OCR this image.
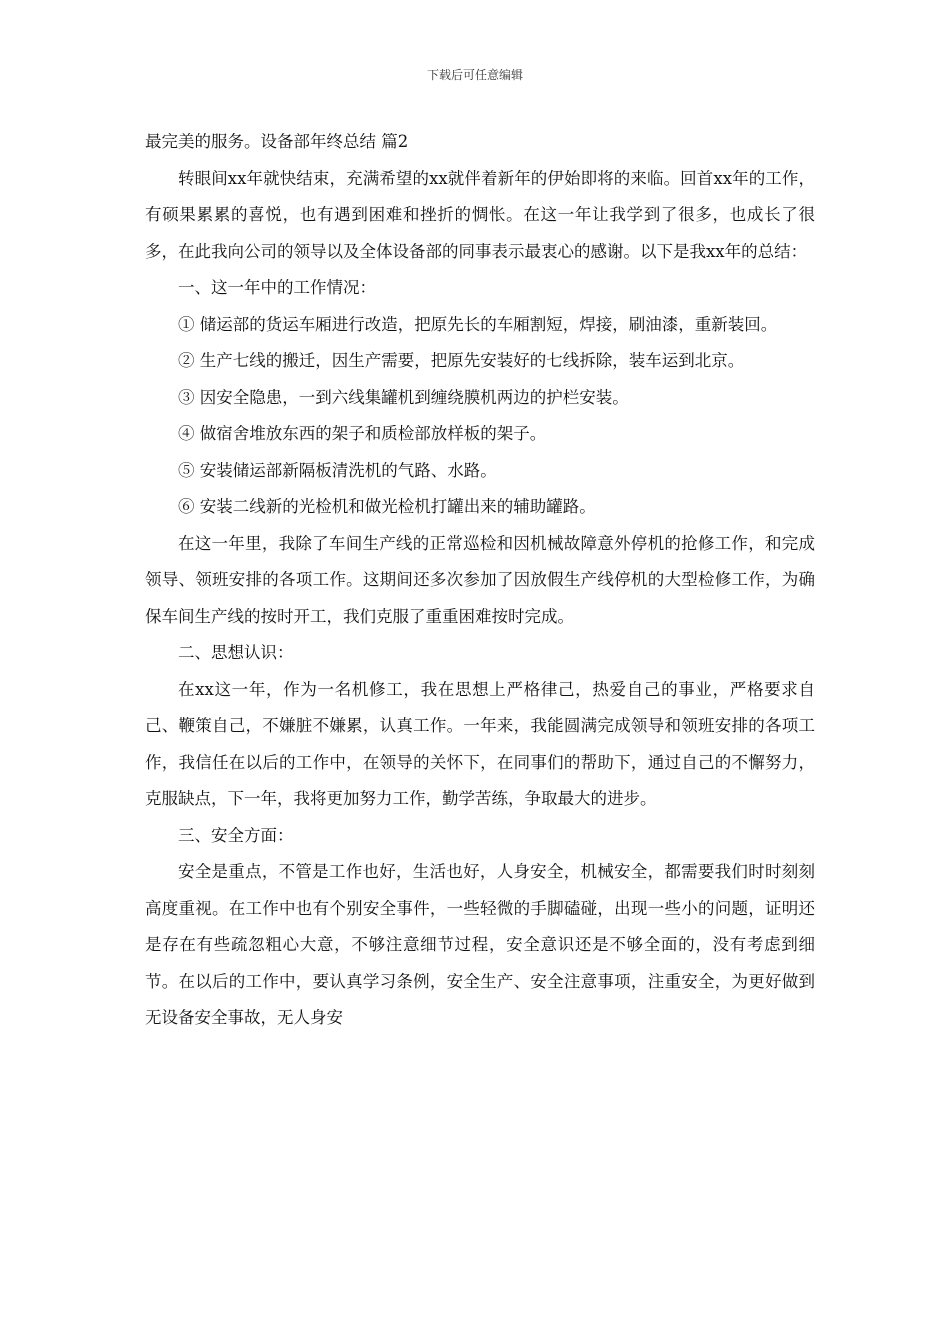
下载后可任意编辑

最完美的服务。设备部年终总结 篇2

转眼间xx年就快结束，充满希望的xx就伴着新年的伊始即将的来临。回首xx年的工作，有硕果累累的喜悦，也有遇到困难和挫折的惆怅。在这一年让我学到了很多，也成长了很多，在此我向公司的领导以及全体设备部的同事表示最衷心的感谢。以下是我xx年的总结：

一、这一年中的工作情况：

① 储运部的货运车厢进行改造，把原先长的车厢割短，焊接，刷油漆，重新装回。

② 生产七线的搬迁，因生产需要，把原先安装好的七线拆除，装车运到北京。

③ 因安全隐患，一到六线集罐机到缠绕膜机两边的护栏安装。

④ 做宿舍堆放东西的架子和质检部放样板的架子。

⑤ 安装储运部新隔板清洗机的气路、水路。

⑥ 安装二线新的光检机和做光检机打罐出来的辅助罐路。

在这一年里，我除了车间生产线的正常巡检和因机械故障意外停机的抢修工作，和完成领导、领班安排的各项工作。这期间还多次参加了因放假生产线停机的大型检修工作，为确保车间生产线的按时开工，我们克服了重重困难按时完成。

二、思想认识：

在xx这一年，作为一名机修工，我在思想上严格律己，热爱自己的事业，严格要求自己、鞭策自己，不嫌脏不嫌累，认真工作。一年来，我能圆满完成领导和领班安排的各项工作，我信任在以后的工作中，在领导的关怀下，在同事们的帮助下，通过自己的不懈努力，克服缺点，下一年，我将更加努力工作，勤学苦练，争取最大的进步。

三、安全方面：

安全是重点，不管是工作也好，生活也好，人身安全，机械安全，都需要我们时时刻刻高度重视。在工作中也有个别安全事件，一些轻微的手脚磕碰，出现一些小的问题，证明还是存在有些疏忽粗心大意，不够注意细节过程，安全意识还是不够全面的，没有考虑到细节。在以后的工作中，要认真学习条例，安全生产、安全注意事项，注重安全，为更好做到无设备安全事故，无人身安
